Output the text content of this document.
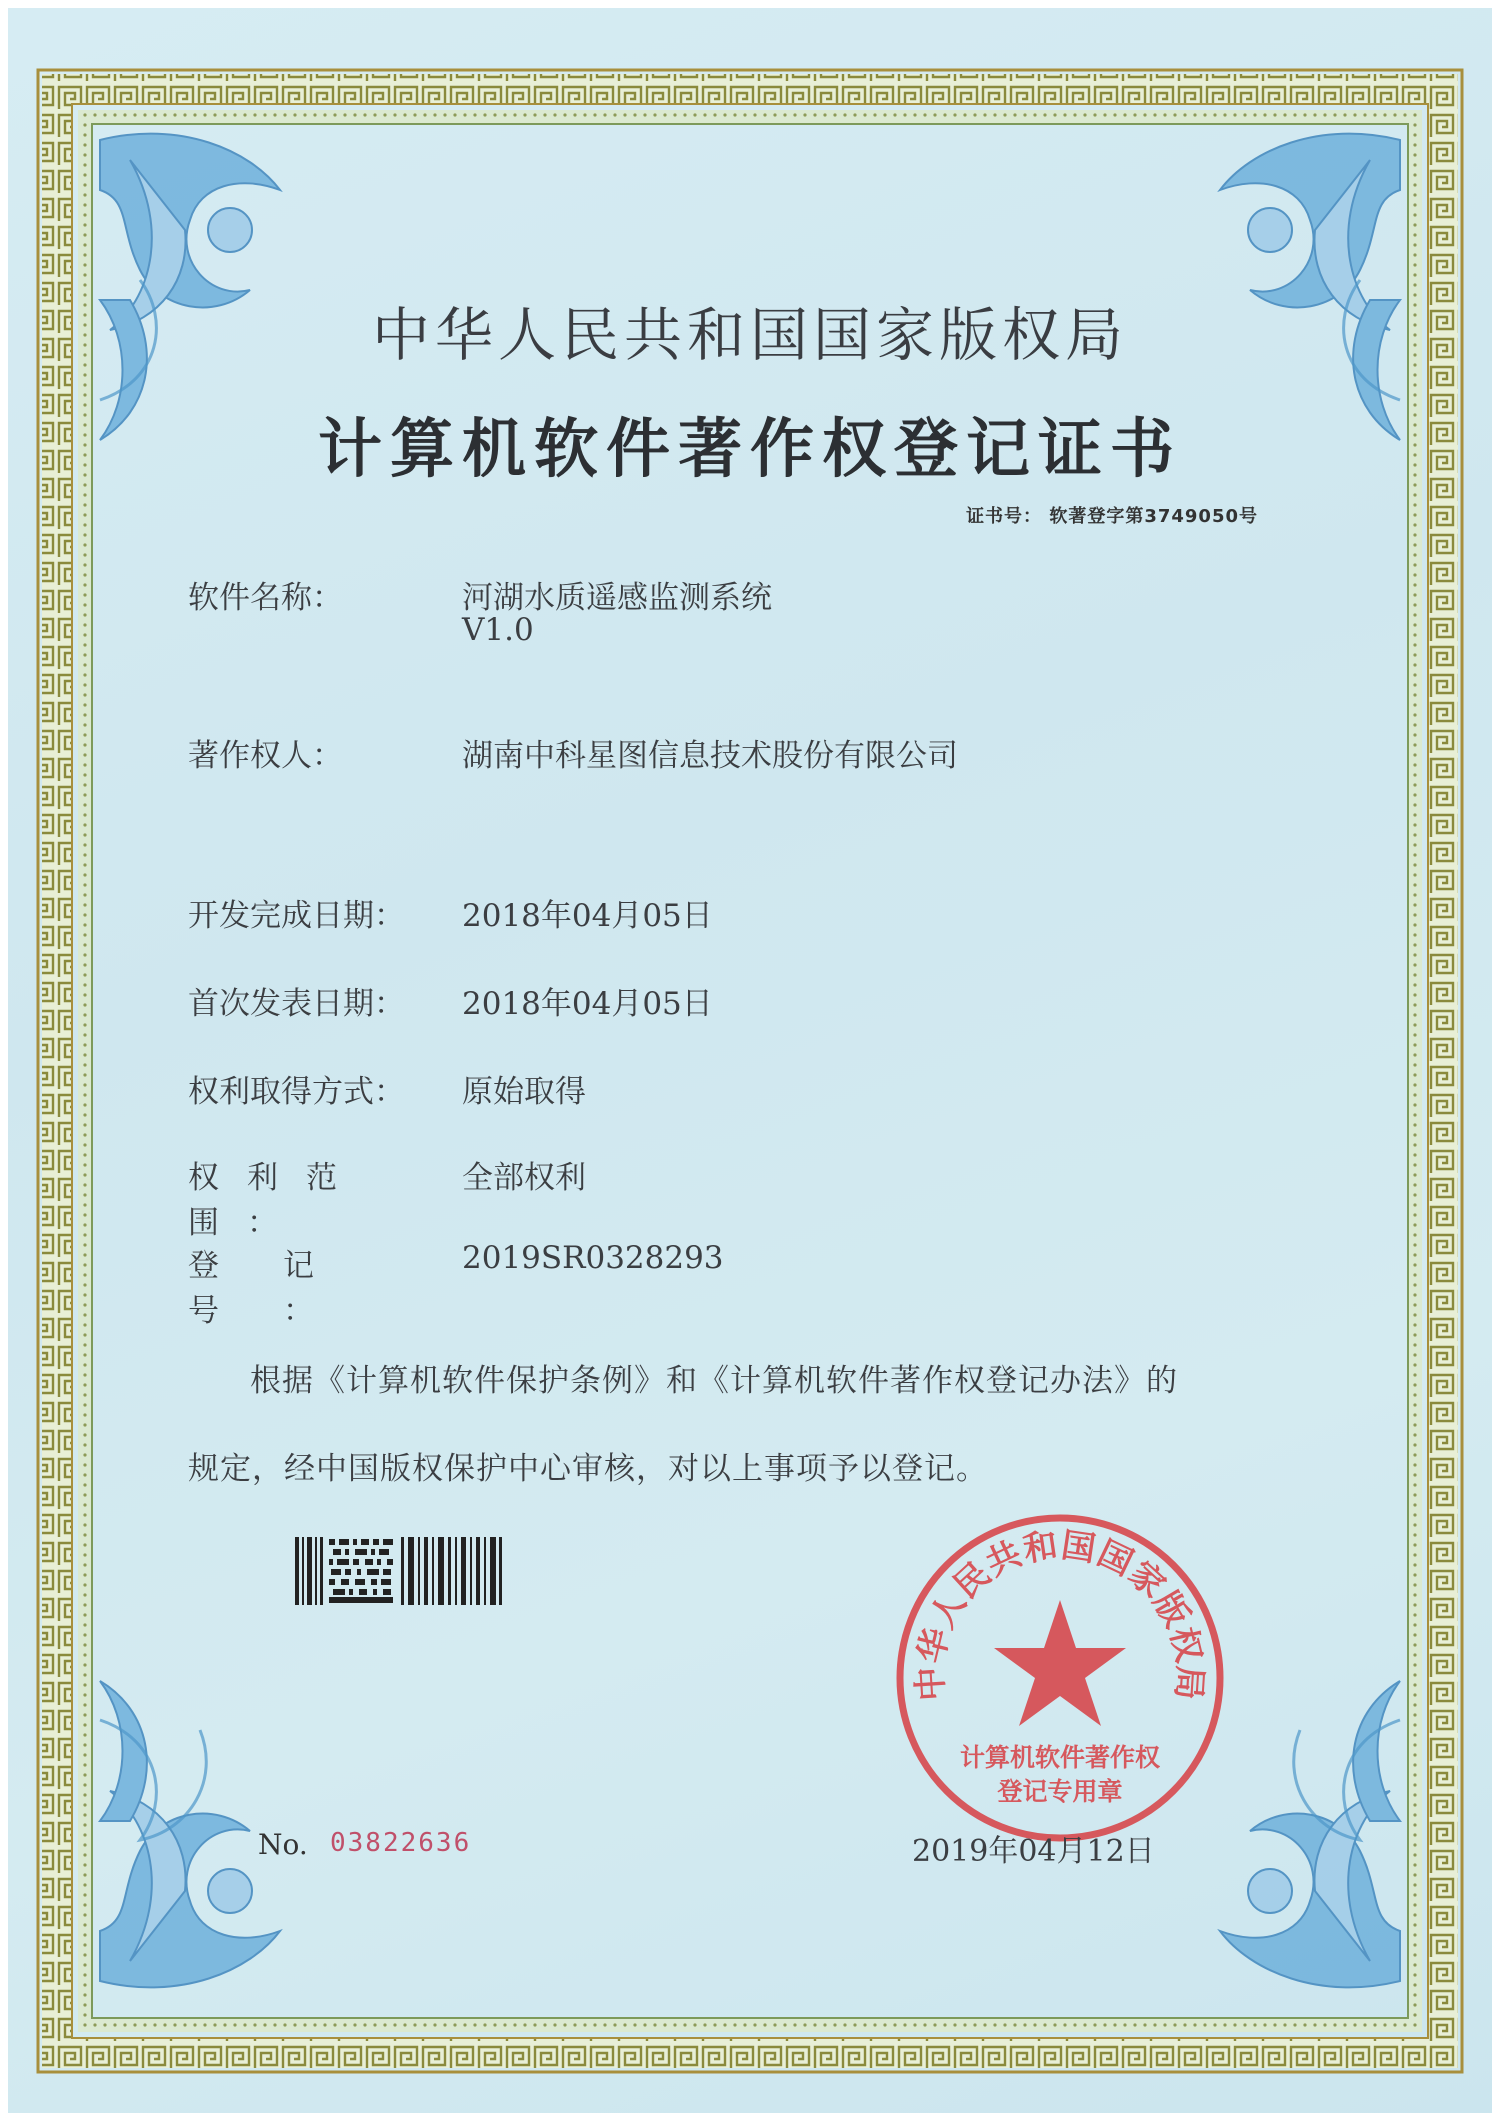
中华人民共和国国家版权局
计算机软件著作权登记证书
证书号： 软著登字第3749050号
软件名称：	河湖水质遥感监测系统
V1.0
著作权人：	湖南中科星图信息技术股份有限公司
开发完成日期： 2018年04月05日
首次发表日期： 2018年04月05日
权利取得方式： 原始取得
权利范围：
全部权利
登记号：
2019SR0328293
根据《计算机软件保护条例》和《计算机软件著作权登记办法》的
规定，经中国版权保护中心审核，对以上事项予以登记。
No. 03822636
中华人民共和国国家版权局
计算机软件著作权
登记专用章
2019年04月12日
